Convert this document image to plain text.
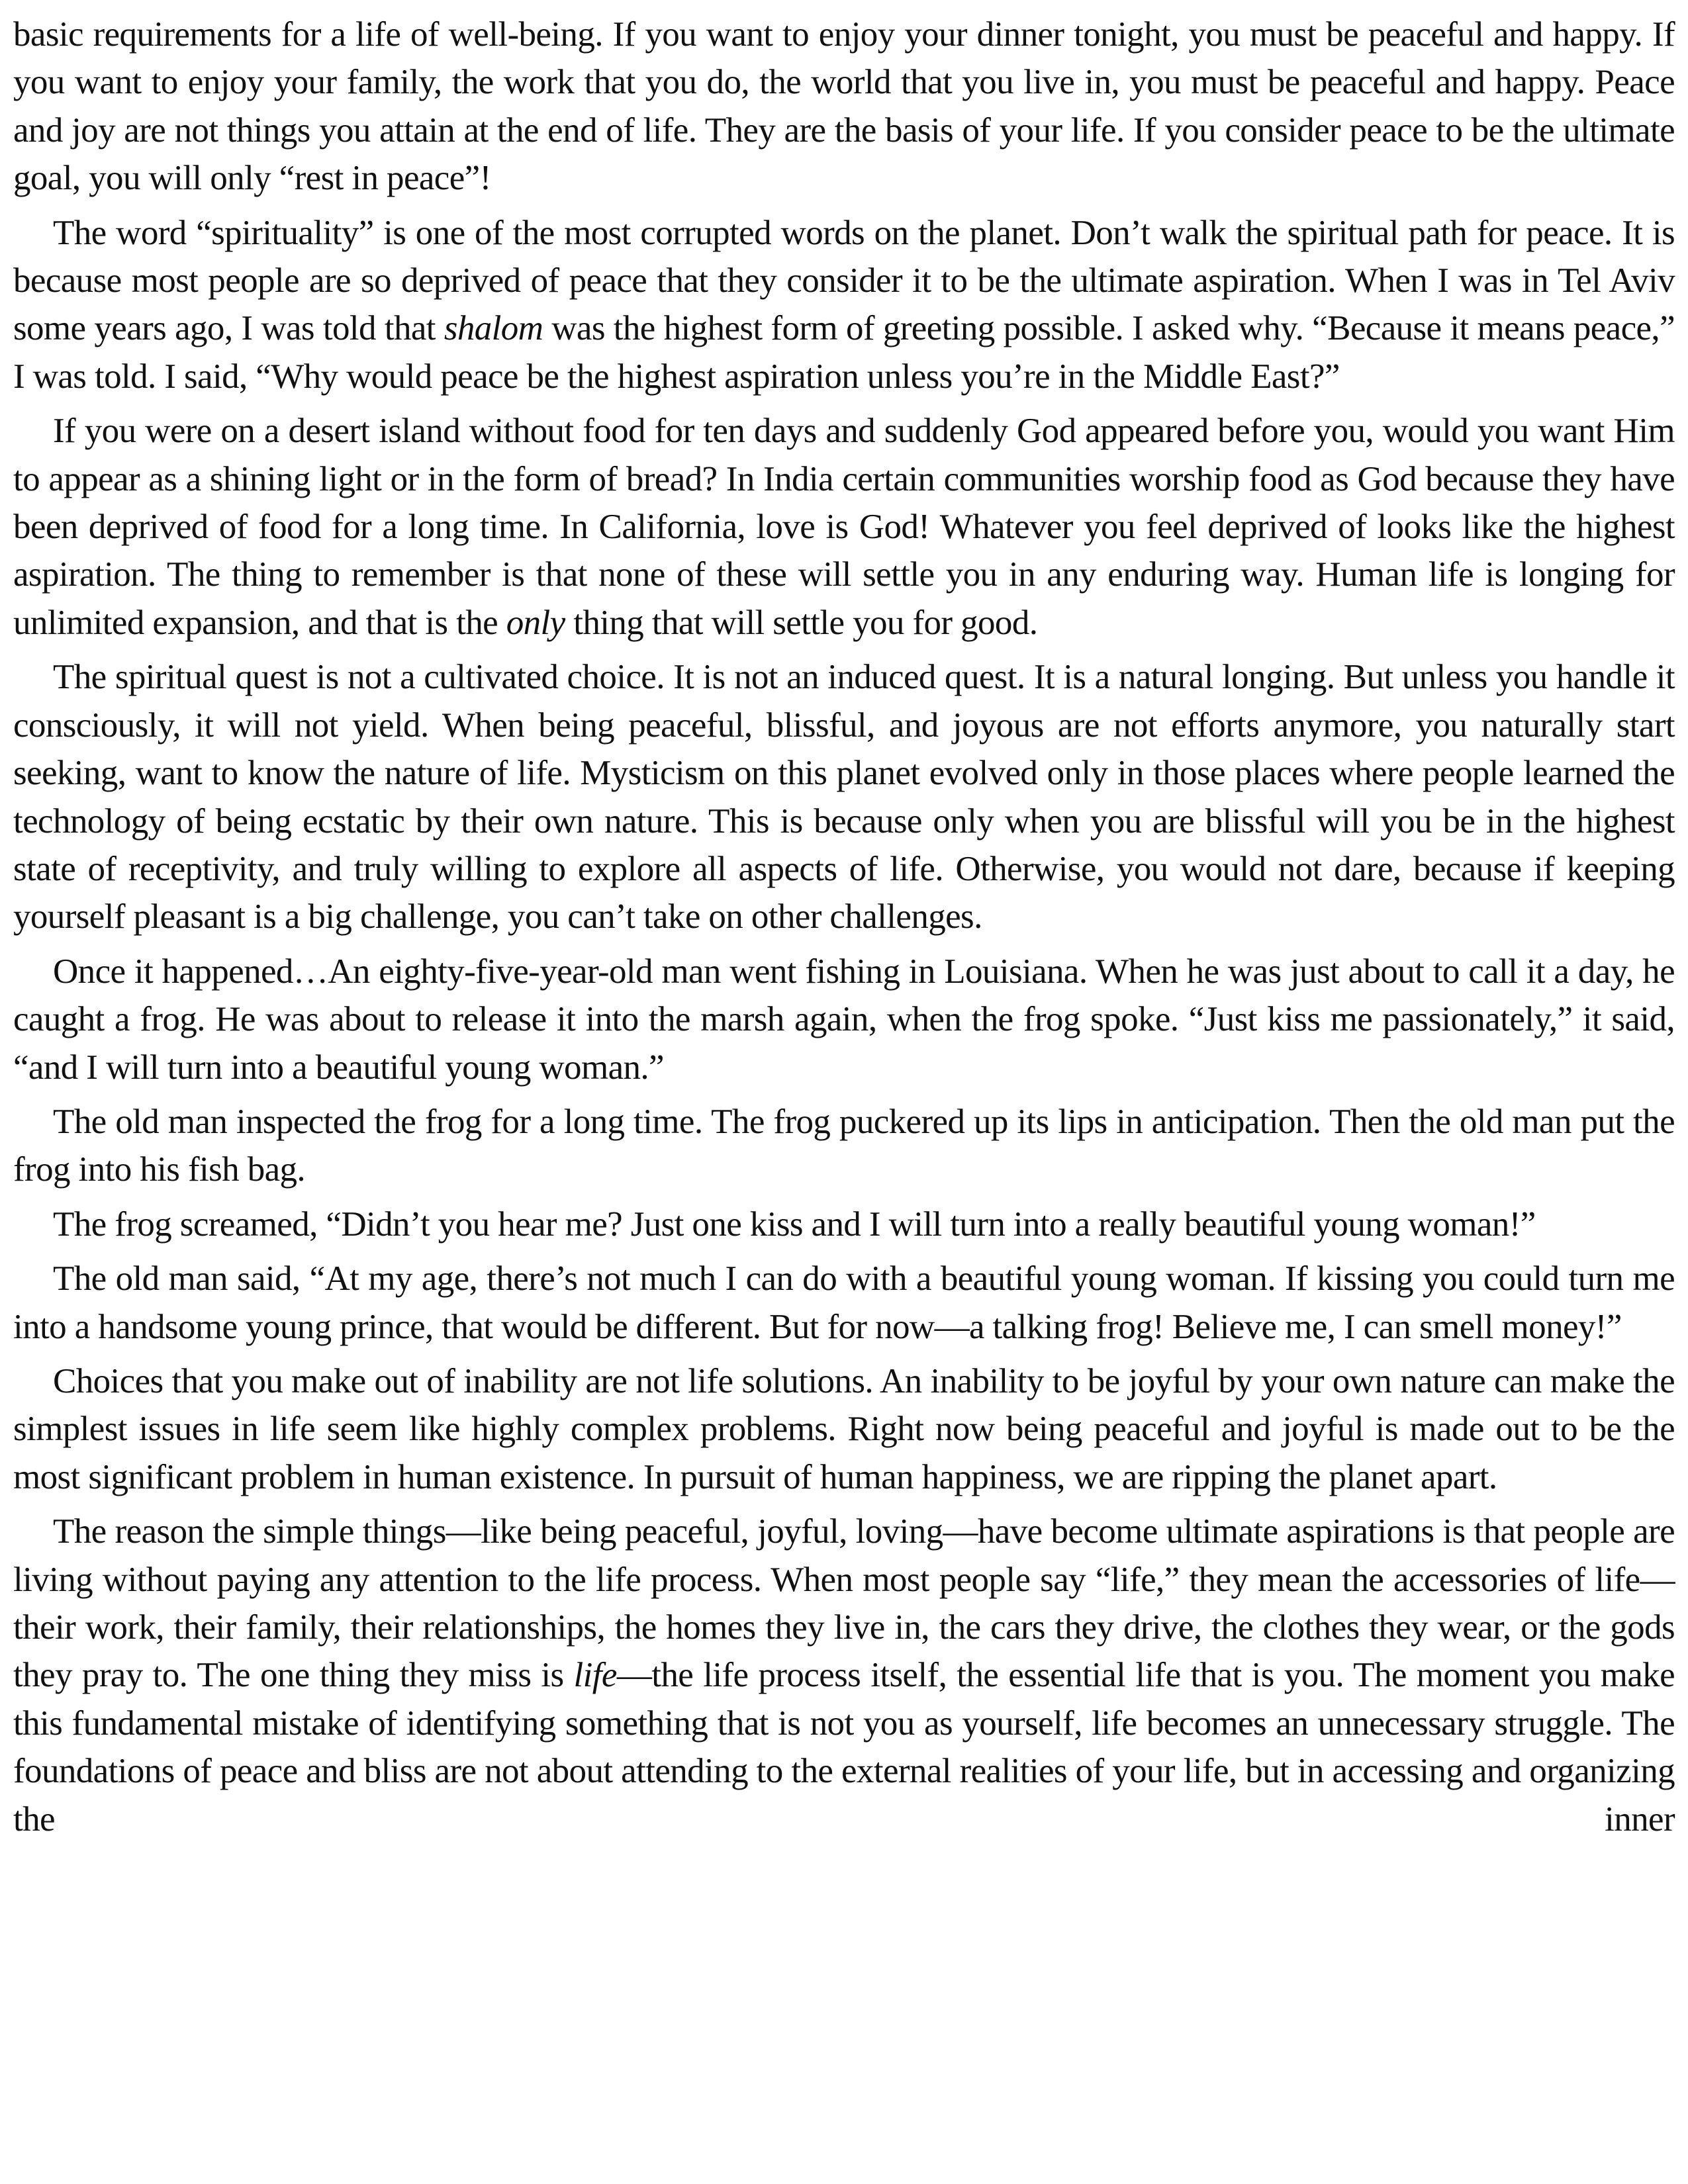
basic requirements for a life of well-being. If you want to enjoy your dinner tonight, you must be peaceful and happy. If you want to enjoy your family, the work that you do, the world that you live in, you must be peaceful and happy. Peace and joy are not things you attain at the end of life. They are the basis of your life. If you consider peace to be the ultimate goal, you will only “rest in peace”!

The word “spirituality” is one of the most corrupted words on the planet. Don’t walk the spiritual path for peace. It is because most people are so deprived of peace that they consider it to be the ultimate aspiration. When I was in Tel Aviv some years ago, I was told that shalom was the highest form of greeting possible. I asked why. “Because it means peace,” I was told. I said, “Why would peace be the highest aspiration unless you’re in the Middle East?”

If you were on a desert island without food for ten days and suddenly God appeared before you, would you want Him to appear as a shining light or in the form of bread? In India certain communities worship food as God because they have been deprived of food for a long time. In California, love is God! Whatever you feel deprived of looks like the highest aspiration. The thing to remember is that none of these will settle you in any enduring way. Human life is longing for unlimited expansion, and that is the only thing that will settle you for good.

The spiritual quest is not a cultivated choice. It is not an induced quest. It is a natural longing. But unless you handle it consciously, it will not yield. When being peaceful, blissful, and joyous are not efforts anymore, you naturally start seeking, want to know the nature of life. Mysticism on this planet evolved only in those places where people learned the technology of being ecstatic by their own nature. This is because only when you are blissful will you be in the highest state of receptivity, and truly willing to explore all aspects of life. Otherwise, you would not dare, because if keeping yourself pleasant is a big challenge, you can’t take on other challenges.

Once it happened…An eighty-five-year-old man went fishing in Louisiana. When he was just about to call it a day, he caught a frog. He was about to release it into the marsh again, when the frog spoke. “Just kiss me passionately,” it said, “and I will turn into a beautiful young woman.”

The old man inspected the frog for a long time. The frog puckered up its lips in anticipation. Then the old man put the frog into his fish bag.

The frog screamed, “Didn’t you hear me? Just one kiss and I will turn into a really beautiful young woman!”

The old man said, “At my age, there’s not much I can do with a beautiful young woman. If kissing you could turn me into a handsome young prince, that would be different. But for now—a talking frog! Believe me, I can smell money!”

Choices that you make out of inability are not life solutions. An inability to be joyful by your own nature can make the simplest issues in life seem like highly complex problems. Right now being peaceful and joyful is made out to be the most significant problem in human existence. In pursuit of human happiness, we are ripping the planet apart.

The reason the simple things—like being peaceful, joyful, loving—have become ultimate aspirations is that people are living without paying any attention to the life process. When most people say “life,” they mean the accessories of life—their work, their family, their relationships, the homes they live in, the cars they drive, the clothes they wear, or the gods they pray to. The one thing they miss is life—the life process itself, the essential life that is you. The moment you make this fundamental mistake of identifying something that is not you as yourself, life becomes an unnecessary struggle. The foundations of peace and bliss are not about attending to the external realities of your life, but in accessing and organizing the inner
